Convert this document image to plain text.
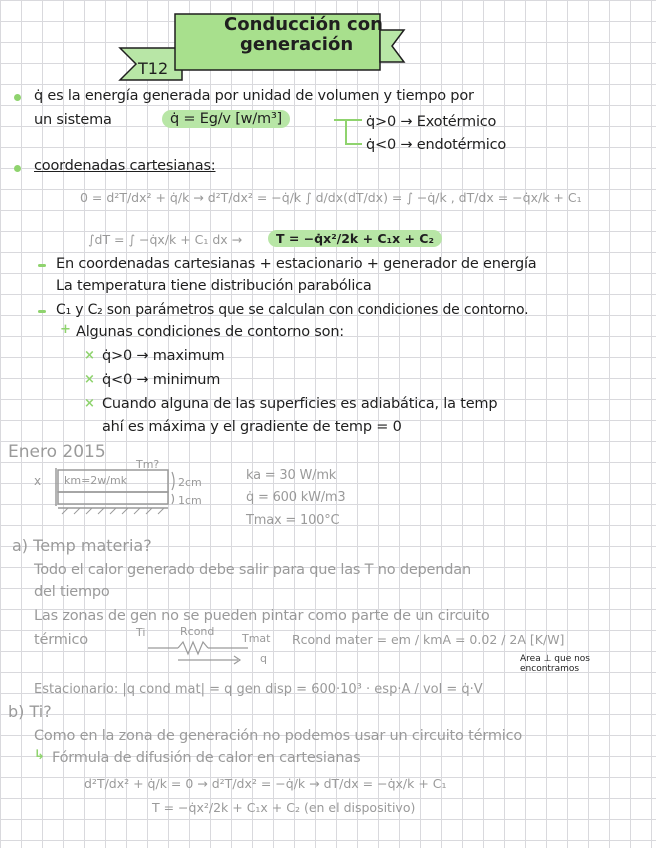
T12
Conducción con
generación
q̇ es la energía generada por unidad de volumen y tiempo por
un sistema	q̇ = Eg/v [w/m³]	q̇>0 → Exotérmico
q̇<0 → endotérmico
coordenadas cartesianas:
0 = d²T/dx² + q̇/k → d²T/dx² = −q̇/k ∫ d/dx(dT/dx) = ∫ −q̇/k , dT/dx = −q̇x/k + C₁
∫dT = ∫ −q̇x/k + C₁ dx →	T = −q̇x²/2k + C₁x + C₂
En coordenadas cartesianas + estacionario + generador de energía
La temperatura tiene distribución parabólica
C₁ y C₂ son parámetros que se calculan con condiciones de contorno.
+ Algunas condiciones de contorno son:
× q̇>0 → maximum
× q̇<0 → minimum
× Cuando alguna de las superficies es adiabática, la temp
ahí es máxima y el gradiente de temp = 0
Enero 2015
x km=2w/mk
Tm?
2cm
1cm
ka = 30 W/mk
q̇ = 600 kW/m3
Tmax = 100°C
a) Temp materia?
Todo el calor generado debe salir para que las T no dependan
del tiempo
Las zonas de gen no se pueden pintar como parte de un circuito
térmico	Ti	Rcond
Tmat
q
Rcond mater = em / kmA = 0.02 / 2A [K/W]
Area ⊥ que nos
encontramos
Estacionario: |q cond mat| = q gen disp = 600·10³ · esp·A / vol = q̇·V
b) Ti?
Como en la zona de generación no podemos usar un circuito térmico
↳ Fórmula de difusión de calor en cartesianas
d²T/dx² + q̇/k = 0 → d²T/dx² = −q̇/k → dT/dx = −q̇x/k + C₁
T = −q̇x²/2k + C₁x + C₂ (en el dispositivo)
